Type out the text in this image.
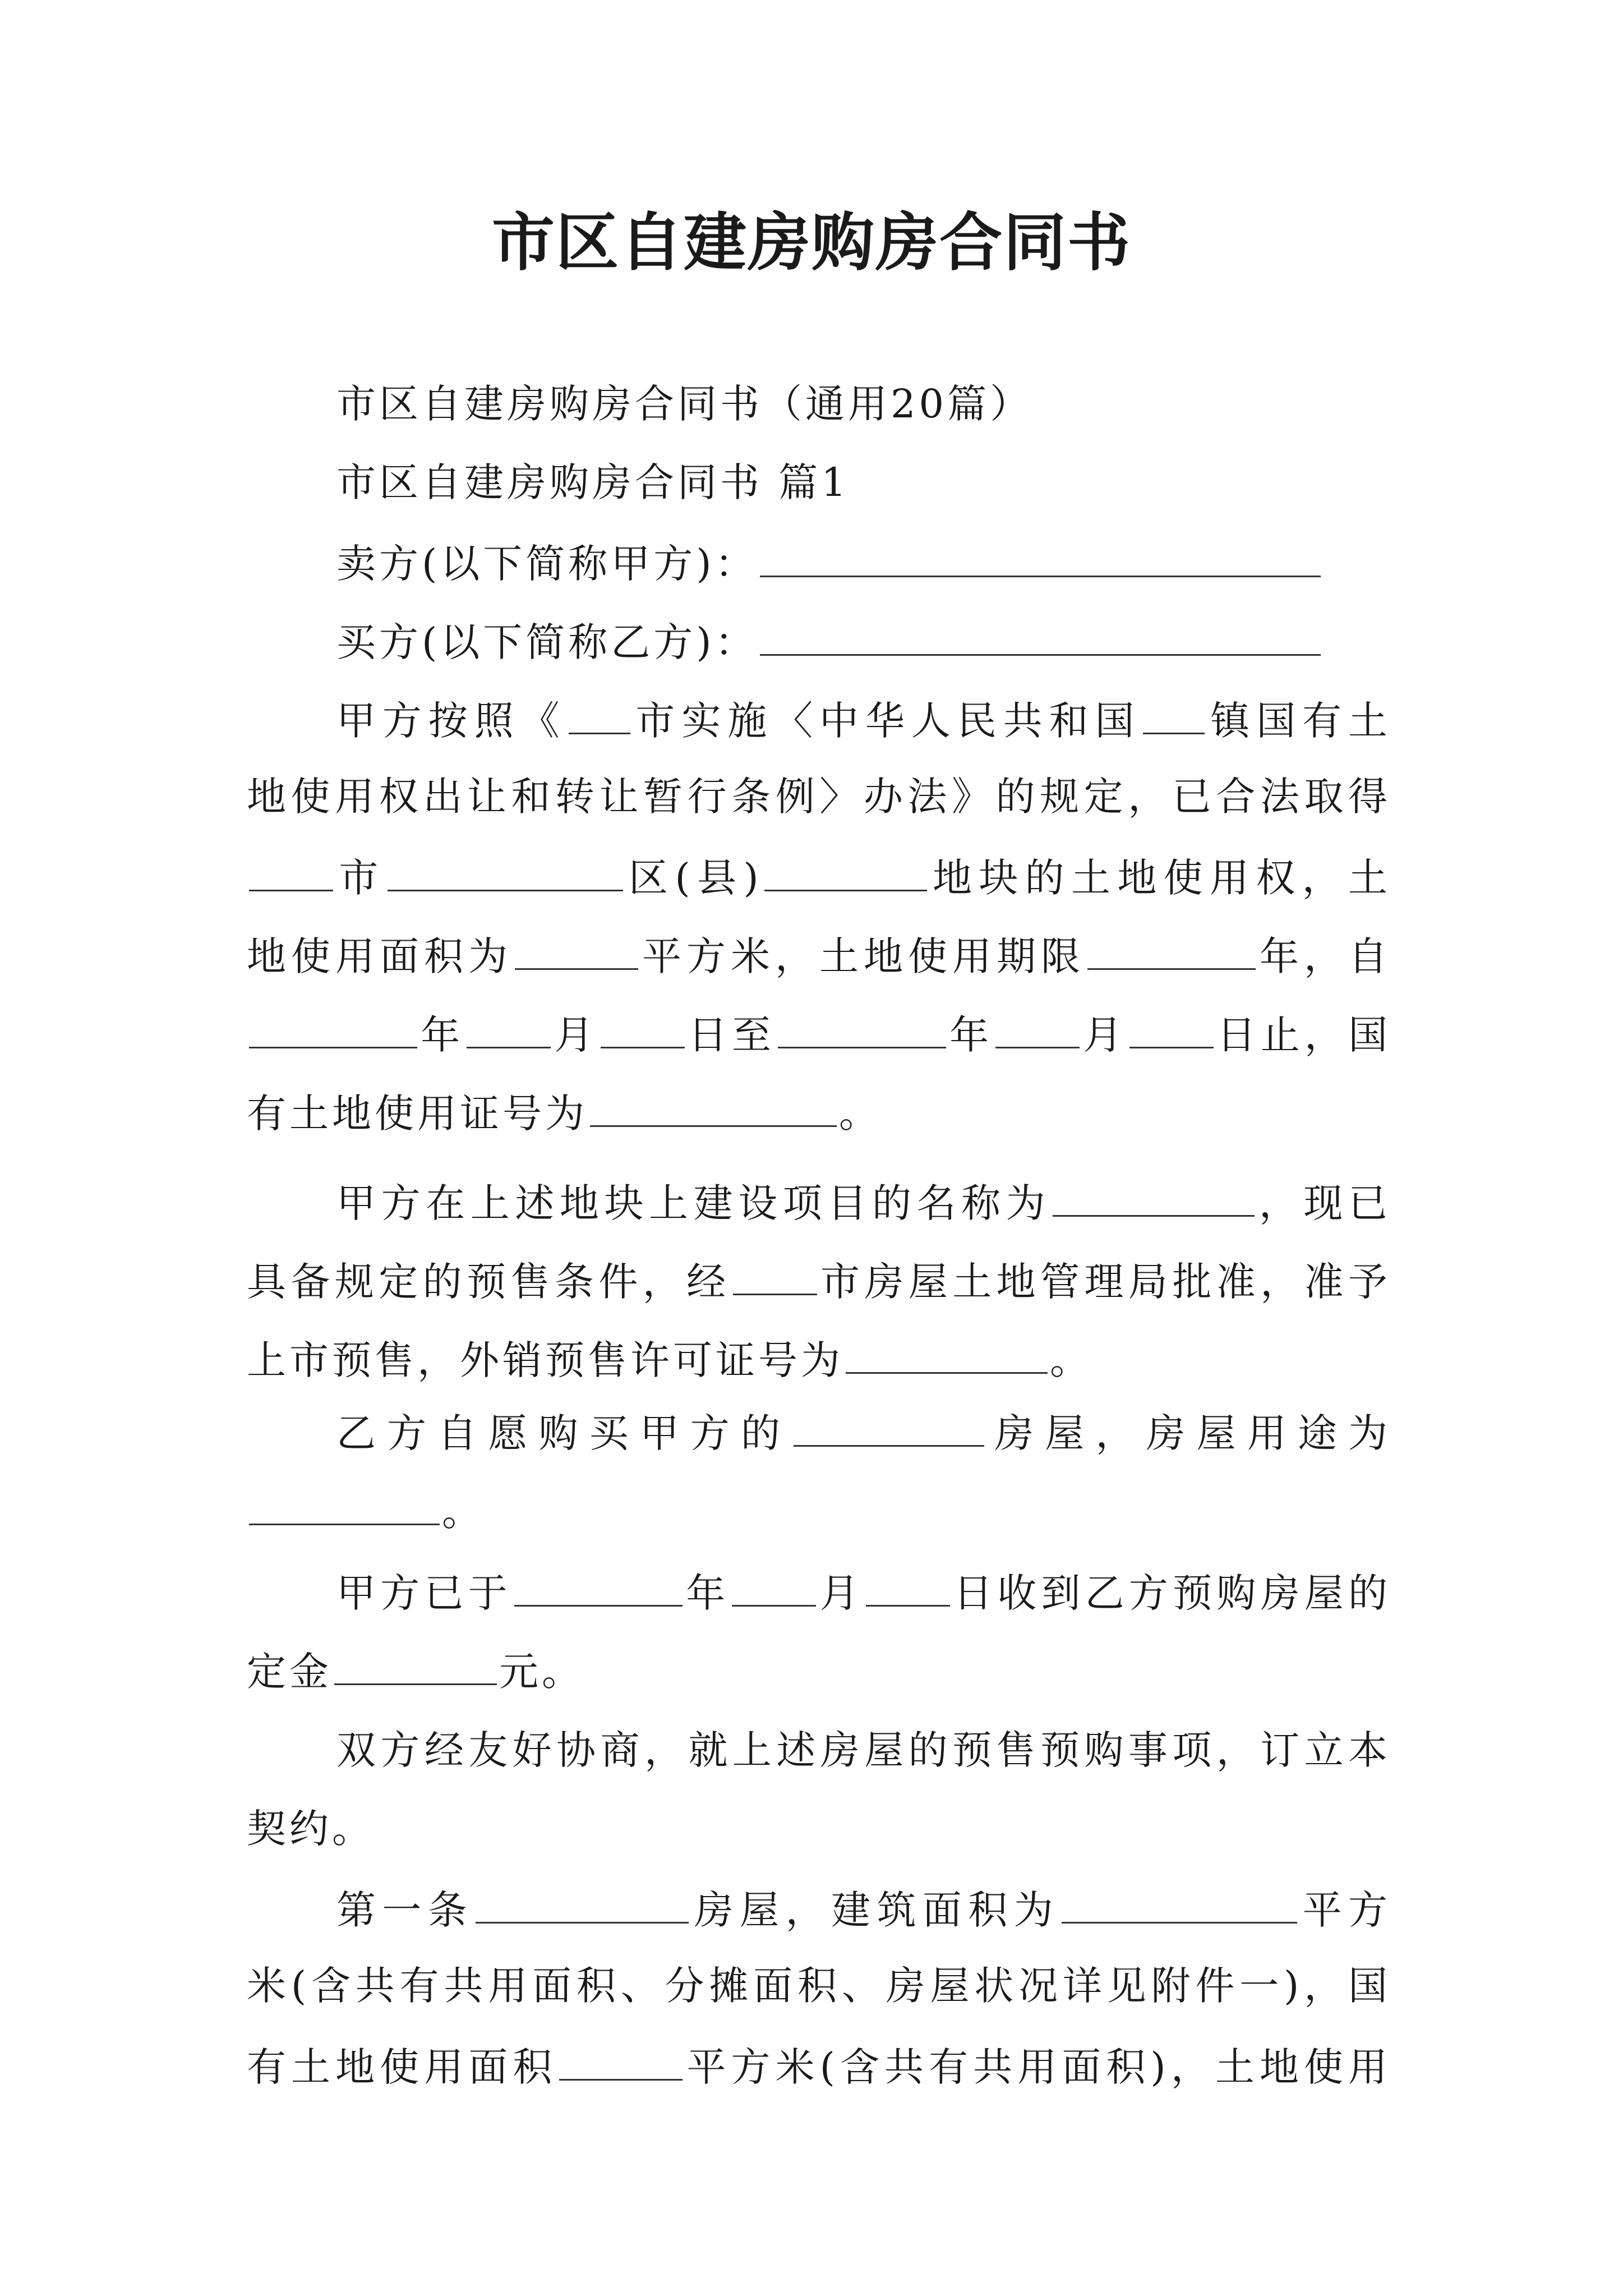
市区自建房购房合同书
市区自建房购房合同书（通用20篇）
市区自建房购房合同书 篇1
卖方(以下简称甲方)：
买方(以下简称乙方)：
甲方按照《 市实施〈中华人民共和国 镇国有土
地使用权出让和转让暂行条例〉办法》的规定，已合法取得
市	区(县)	地块的土地使用权，土
地使用面积为	平方米，土地使用期限	年，自
年 月 日至	年 月 日止，国
有土地使用证号为	。
甲方在上述地块上建设项目的名称为	，现已
具备规定的预售条件，经 市房屋土地管理局批准，准予
上市预售，外销预售许可证号为	。
乙方自愿购买甲方的	房屋，房屋用途为
。
甲方已于	年 月 日收到乙方预购房屋的
定金	元。
双方经友好协商，就上述房屋的预售预购事项，订立本
契约。
第一条	房屋，建筑面积为	平方
米(含共有共用面积、分摊面积、房屋状况详见附件一)，国
有土地使用面积	平方米(含共有共用面积)，土地使用
